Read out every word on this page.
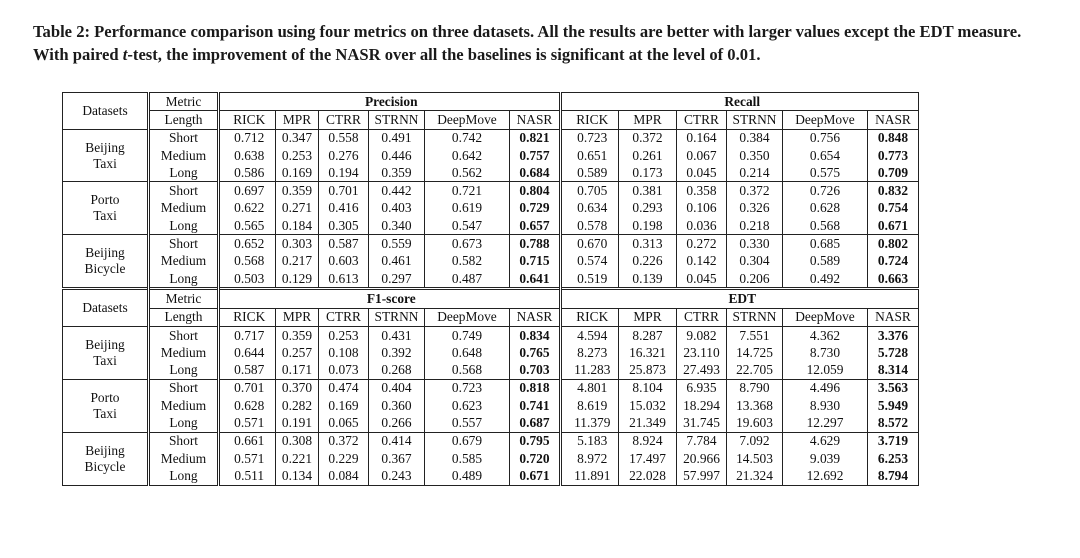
Table 2: Performance comparison using four metrics on three datasets. All the results are better with larger values except the EDT measure. With paired t-test, the improvement of the NASR over all the baselines is significant at the level of 0.01.
Datasets	Metric		Precision							Recall					
	Length		RICK	MPR	CTRR	STRNN	DeepMove	NASR		RICK	MPR	CTRR	STRNN	DeepMove	NASR

Beijing
Taxi	Short		0.712	0.347	0.558	0.491	0.742	0.821		0.723	0.372	0.164	0.384	0.756	0.848
	Medium		0.638	0.253	0.276	0.446	0.642	0.757		0.651	0.261	0.067	0.350	0.654	0.773
	Long		0.586	0.169	0.194	0.359	0.562	0.684		0.589	0.173	0.045	0.214	0.575	0.709

Porto
Taxi	Short		0.697	0.359	0.701	0.442	0.721	0.804		0.705	0.381	0.358	0.372	0.726	0.832
	Medium		0.622	0.271	0.416	0.403	0.619	0.729		0.634	0.293	0.106	0.326	0.628	0.754
	Long		0.565	0.184	0.305	0.340	0.547	0.657		0.578	0.198	0.036	0.218	0.568	0.671

Beijing
Bicycle	Short		0.652	0.303	0.587	0.559	0.673	0.788		0.670	0.313	0.272	0.330	0.685	0.802
	Medium		0.568	0.217	0.603	0.461	0.582	0.715		0.574	0.226	0.142	0.304	0.589	0.724
	Long		0.503	0.129	0.613	0.297	0.487	0.641		0.519	0.139	0.045	0.206	0.492	0.663
Datasets	Metric		F1-score							EDT					
	Length		RICK	MPR	CTRR	STRNN	DeepMove	NASR		RICK	MPR	CTRR	STRNN	DeepMove	NASR

Beijing
Taxi	Short		0.717	0.359	0.253	0.431	0.749	0.834		4.594	8.287	9.082	7.551	4.362	3.376
	Medium		0.644	0.257	0.108	0.392	0.648	0.765		8.273	16.321	23.110	14.725	8.730	5.728
	Long		0.587	0.171	0.073	0.268	0.568	0.703		11.283	25.873	27.493	22.705	12.059	8.314

Porto
Taxi	Short		0.701	0.370	0.474	0.404	0.723	0.818		4.801	8.104	6.935	8.790	4.496	3.563
	Medium		0.628	0.282	0.169	0.360	0.623	0.741		8.619	15.032	18.294	13.368	8.930	5.949
	Long		0.571	0.191	0.065	0.266	0.557	0.687		11.379	21.349	31.745	19.603	12.297	8.572

Beijing
Bicycle	Short		0.661	0.308	0.372	0.414	0.679	0.795		5.183	8.924	7.784	7.092	4.629	3.719
	Medium		0.571	0.221	0.229	0.367	0.585	0.720		8.972	17.497	20.966	14.503	9.039	6.253
	Long		0.511	0.134	0.084	0.243	0.489	0.671		11.891	22.028	57.997	21.324	12.692	8.794
